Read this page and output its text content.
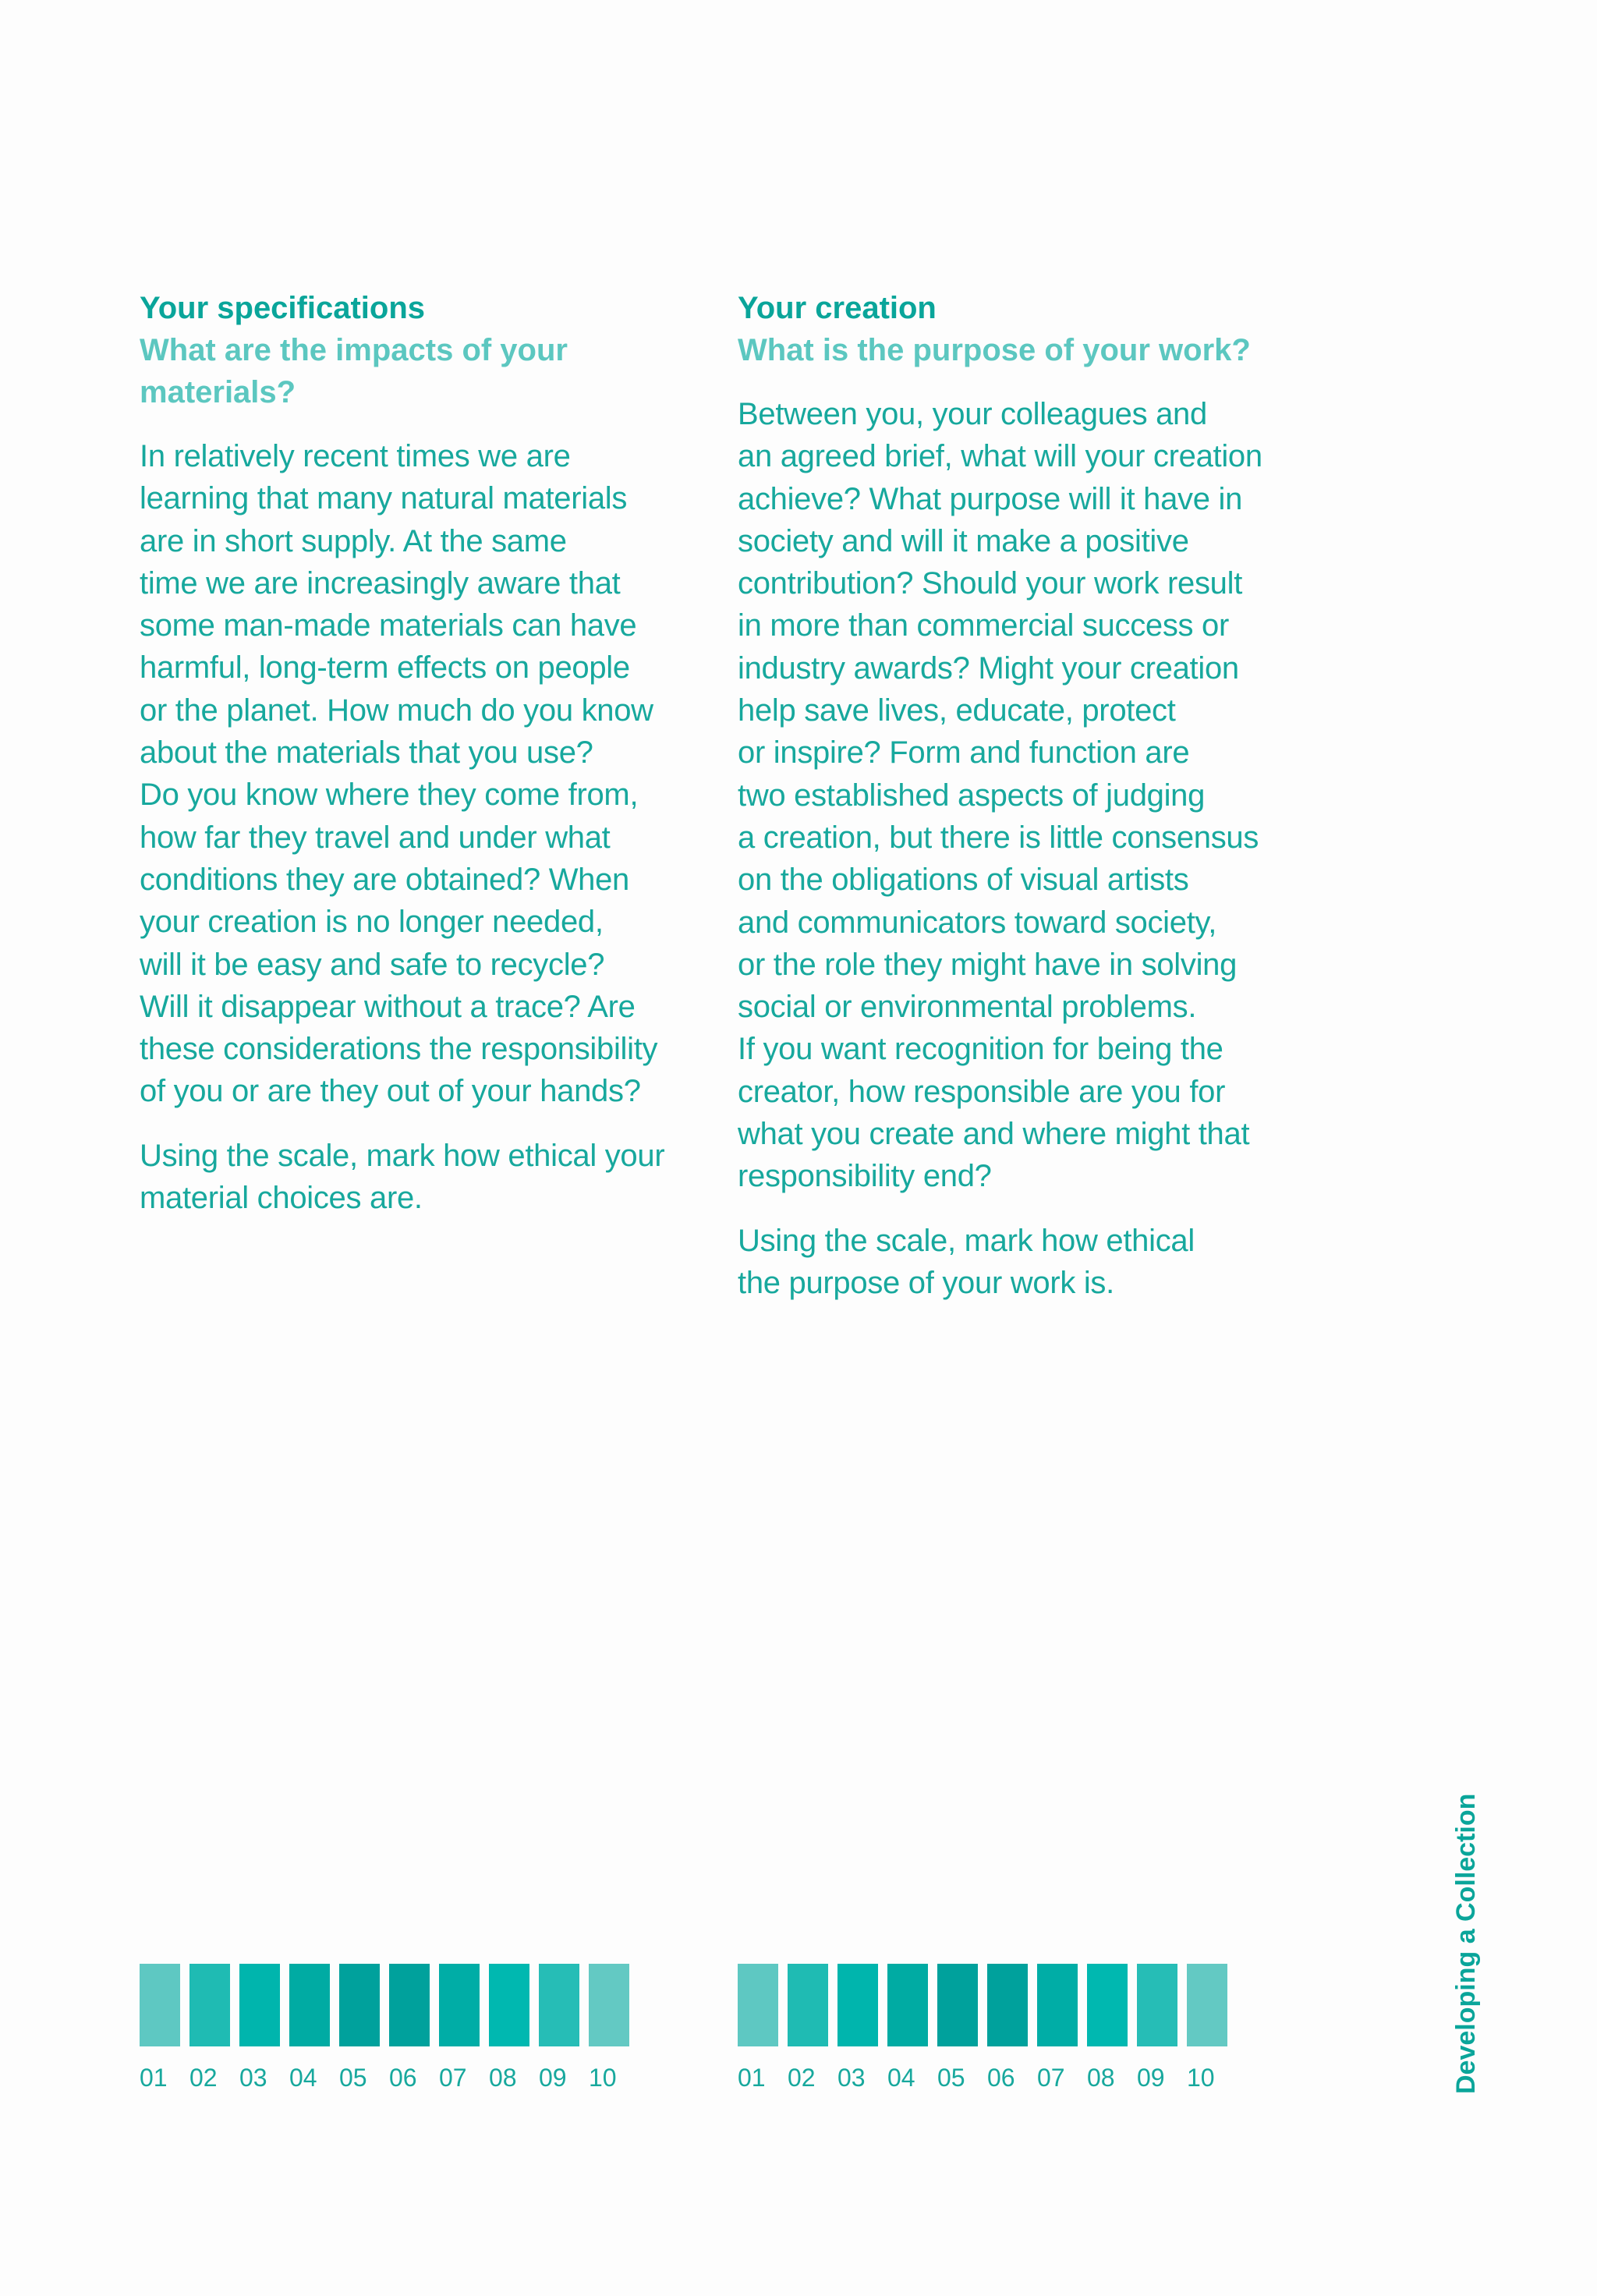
Your specifications
What are the impacts of your
materials?

In relatively recent times we are
learning that many natural materials
are in short supply. At the same
time we are increasingly aware that
some man-made materials can have
harmful, long-term effects on people
or the planet. How much do you know
about the materials that you use?
Do you know where they come from,
how far they travel and under what
conditions they are obtained? When
your creation is no longer needed,
will it be easy and safe to recycle?
Will it disappear without a trace? Are
these considerations the responsibility
of you or are they out of your hands?

Using the scale, mark how ethical your
material choices are.

Your creation
What is the purpose of your work?

Between you, your colleagues and
an agreed brief, what will your creation
achieve? What purpose will it have in
society and will it make a positive
contribution? Should your work result
in more than commercial success or
industry awards? Might your creation
help save lives, educate, protect
or inspire? Form and function are
two established aspects of judging
a creation, but there is little consensus
on the obligations of visual artists
and communicators toward society,
or the role they might have in solving
social or environmental problems.
If you want recognition for being the
creator, how responsible are you for
what you create and where might that
responsibility end?

Using the scale, mark how ethical
the purpose of your work is.

01 02 03 04 05 06 07 08 09 10	01 02 03 04 05 06 07 08 09 10	Developing a Collection
